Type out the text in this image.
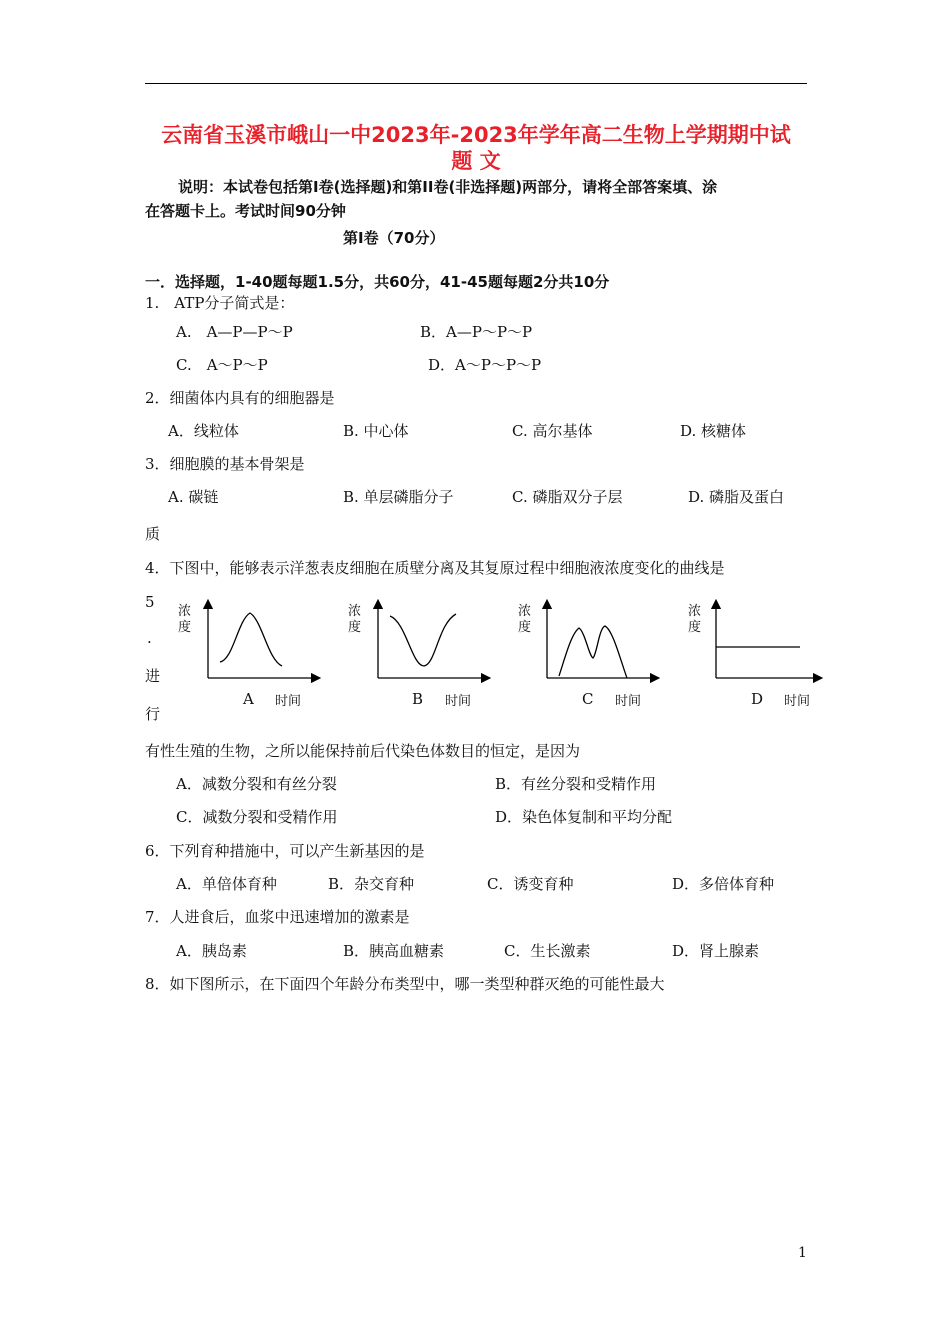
云南省玉溪市峨山一中2023年-2023年学年高二生物上学期期中试
题 文
说明：本试卷包括第Ⅰ卷(选择题)和第II卷(非选择题)两部分，请将全部答案填、涂
在答题卡上。考试时间90分钟
第Ⅰ卷（70分）
一．选择题，1-40题每题1.5分，共60分，41-45题每题2分共10分
1.　ATP分子简式是：
A.　A—P—P～P	B．A—P～P～P
C.　A～P～P	D．A～P～P～P
2．细菌体内具有的细胞器是
A．线粒体	B. 中心体	C. 高尔基体	D. 核糖体
3．细胞膜的基本骨架是
A. 碳链	B. 单层磷脂分子	C. 磷脂双分子层	D. 磷脂及蛋白
质
4．下图中，能够表示洋葱表皮细胞在质壁分离及其复原过程中细胞液浓度变化的曲线是
5
.
进
行
浓
度
A 时间
浓
度
B 时间
浓
度
C 时间
浓
度
D 时间
有性生殖的生物，之所以能保持前后代染色体数目的恒定，是因为
A．减数分裂和有丝分裂	B．有丝分裂和受精作用
C．减数分裂和受精作用	D．染色体复制和平均分配
6．下列育种措施中，可以产生新基因的是
A．单倍体育种	B．杂交育种	C．诱变育种	D．多倍体育种
7．人进食后，血浆中迅速增加的激素是
A．胰岛素	B．胰高血糖素	C．生长激素	D．肾上腺素
8．如下图所示，在下面四个年龄分布类型中，哪一类型种群灭绝的可能性最大
1
